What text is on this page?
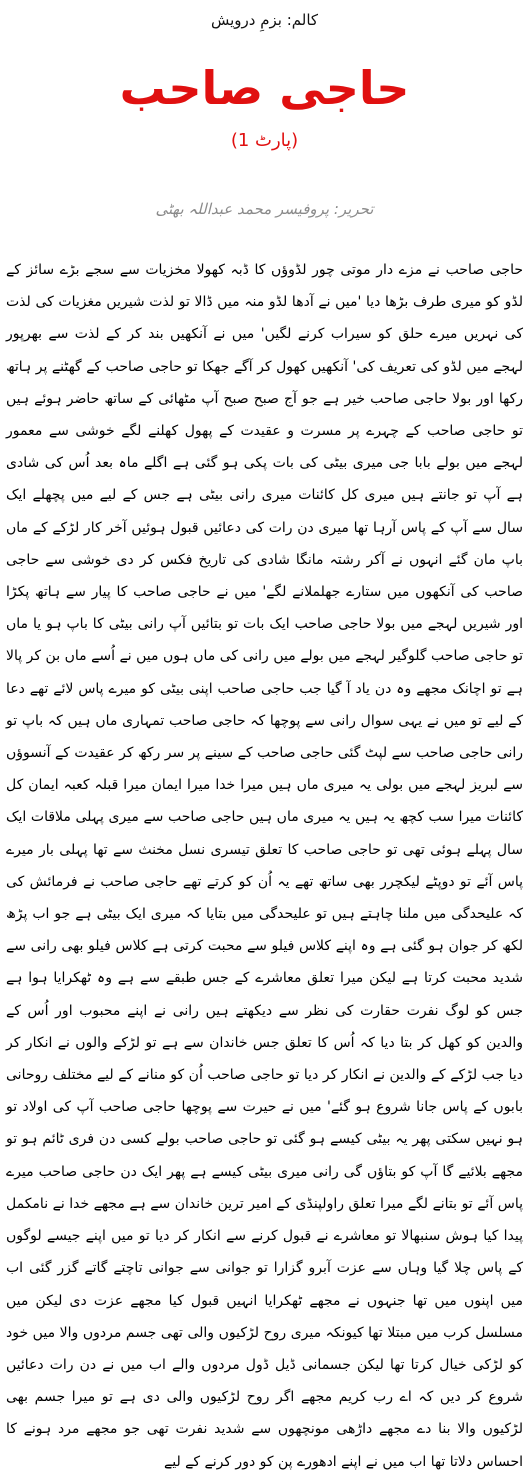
کالم: بزمِ درویش
حاجی صاحب
(پارٹ 1)
تحریر: پروفیسر محمد عبداللہ بھٹی

حاجی صاحب نے مزے دار موتی چور لڈوؤں کا ڈبہ کھولا مخزیات سے سجے بڑے سائز کے لڈو کو میری طرف بڑھا دیا 'میں نے آدھا لڈو منہ میں ڈالا تو لذت شیریں مغزیات کی لذت کی نہریں میرے حلق کو سیراب کرنے لگیں' میں نے آنکھیں بند کر کے لذت سے بھرپور لہجے میں لڈو کی تعریف کی' آنکھیں کھول کر آگے جھکا تو حاجی صاحب کے گھٹنے پر ہاتھ رکھا اور بولا حاجی صاحب خیر ہے جو آج صبح صبح آپ مٹھائی کے ساتھ حاضر ہوئے ہیں تو حاجی صاحب کے چہرے پر مسرت و عقیدت کے پھول کھلنے لگے خوشی سے معمور لہجے میں بولے بابا جی میری بیٹی کی بات پکی ہو گئی ہے اگلے ماہ بعد اُس کی شادی ہے آپ تو جانتے ہیں میری کل کائنات میری رانی بیٹی ہے جس کے لیے میں پچھلے ایک سال سے آپ کے پاس آرہا تھا میری دن رات کی دعائیں قبول ہوئیں آخر کار لڑکے کے ماں باپ مان گئے انہوں نے آکر رشتہ مانگا شادی کی تاریخ فکس کر دی خوشی سے حاجی صاحب کی آنکھوں میں ستارے جھلملانے لگے' میں نے حاجی صاحب کا پیار سے ہاتھ پکڑا اور شیریں لہجے میں بولا حاجی صاحب ایک بات تو بتائیں آپ رانی بیٹی کا باپ ہو یا ماں تو حاجی صاحب گلوگیر لہجے میں بولے میں رانی کی ماں ہوں میں نے اُسے ماں بن کر پالا ہے تو اچانک مجھے وہ دن یاد آ گیا جب حاجی صاحب اپنی بیٹی کو میرے پاس لائے تھے دعا کے لیے تو میں نے یہی سوال رانی سے پوچھا کہ حاجی صاحب تمہاری ماں ہیں کہ باپ تو رانی حاجی صاحب سے لپٹ گئی حاجی صاحب کے سینے پر سر رکھ کر عقیدت کے آنسوؤں سے لبریز لہجے میں بولی یہ میری ماں ہیں میرا خدا میرا ایمان میرا قبلہ کعبہ ایمان کل کائنات میرا سب کچھ یہ ہیں یہ میری ماں ہیں حاجی صاحب سے میری پہلی ملاقات ایک سال پہلے ہوئی تھی تو حاجی صاحب کا تعلق تیسری نسل مخنث سے تھا پہلی بار میرے پاس آئے تو دوپٹے لیکچرر بھی ساتھ تھے یہ اُن کو کرتے تھے حاجی صاحب نے فرمائش کی کہ علیحدگی میں ملنا چاہتے ہیں تو علیحدگی میں بتایا کہ میری ایک بیٹی ہے جو اب پڑھ لکھ کر جوان ہو گئی ہے وہ اپنے کلاس فیلو سے محبت کرتی ہے کلاس فیلو بھی رانی سے شدید محبت کرتا ہے لیکن میرا تعلق معاشرے کے جس طبقے سے ہے وہ ٹھکرایا ہوا ہے جس کو لوگ نفرت حقارت کی نظر سے دیکھتے ہیں رانی نے اپنے محبوب اور اُس کے والدین کو کھل کر بتا دیا کہ اُس کا تعلق جس خاندان سے ہے تو لڑکے والوں نے انکار کر دیا جب لڑکے کے والدین نے انکار کر دیا تو حاجی صاحب اُن کو منانے کے لیے مختلف روحانی بابوں کے پاس جانا شروع ہو گئے' میں نے حیرت سے پوچھا حاجی صاحب آپ کی اولاد تو ہو نہیں سکتی پھر یہ بیٹی کیسے ہو گئی تو حاجی صاحب بولے کسی دن فری ٹائم ہو تو مجھے بلائیے گا آپ کو بتاؤں گی رانی میری بیٹی کیسے ہے پھر ایک دن حاجی صاحب میرے پاس آئے تو بتانے لگے میرا تعلق راولپنڈی کے امیر ترین خاندان سے ہے مجھے خدا نے نامکمل پیدا کیا ہوش سنبھالا تو معاشرے نے قبول کرنے سے انکار کر دیا تو میں اپنے جیسے لوگوں کے پاس چلا گیا وہاں سے عزت آبرو گزارا تو جوانی سے جوانی تاچتے گاتے گزر گئی اب میں اپنوں میں تھا جنہوں نے مجھے ٹھکرایا انہیں قبول کیا مجھے عزت دی لیکن میں مسلسل کرب میں مبتلا تھا کیونکہ میری روح لڑکیوں والی تھی جسم مردوں والا میں خود کو لڑکی خیال کرتا تھا لیکن جسمانی ڈیل ڈول مردوں والے اب میں نے دن رات دعائیں شروع کر دیں کہ اے رب کریم مجھے اگر روح لڑکیوں والی دی ہے تو میرا جسم بھی لڑکیوں والا بنا دے مجھے داڑھی مونچھوں سے شدید نفرت تھی جو مجھے مرد ہونے کا احساس دلاتا تھا اب میں نے اپنے ادھورے پن کو دور کرنے کے لیے
